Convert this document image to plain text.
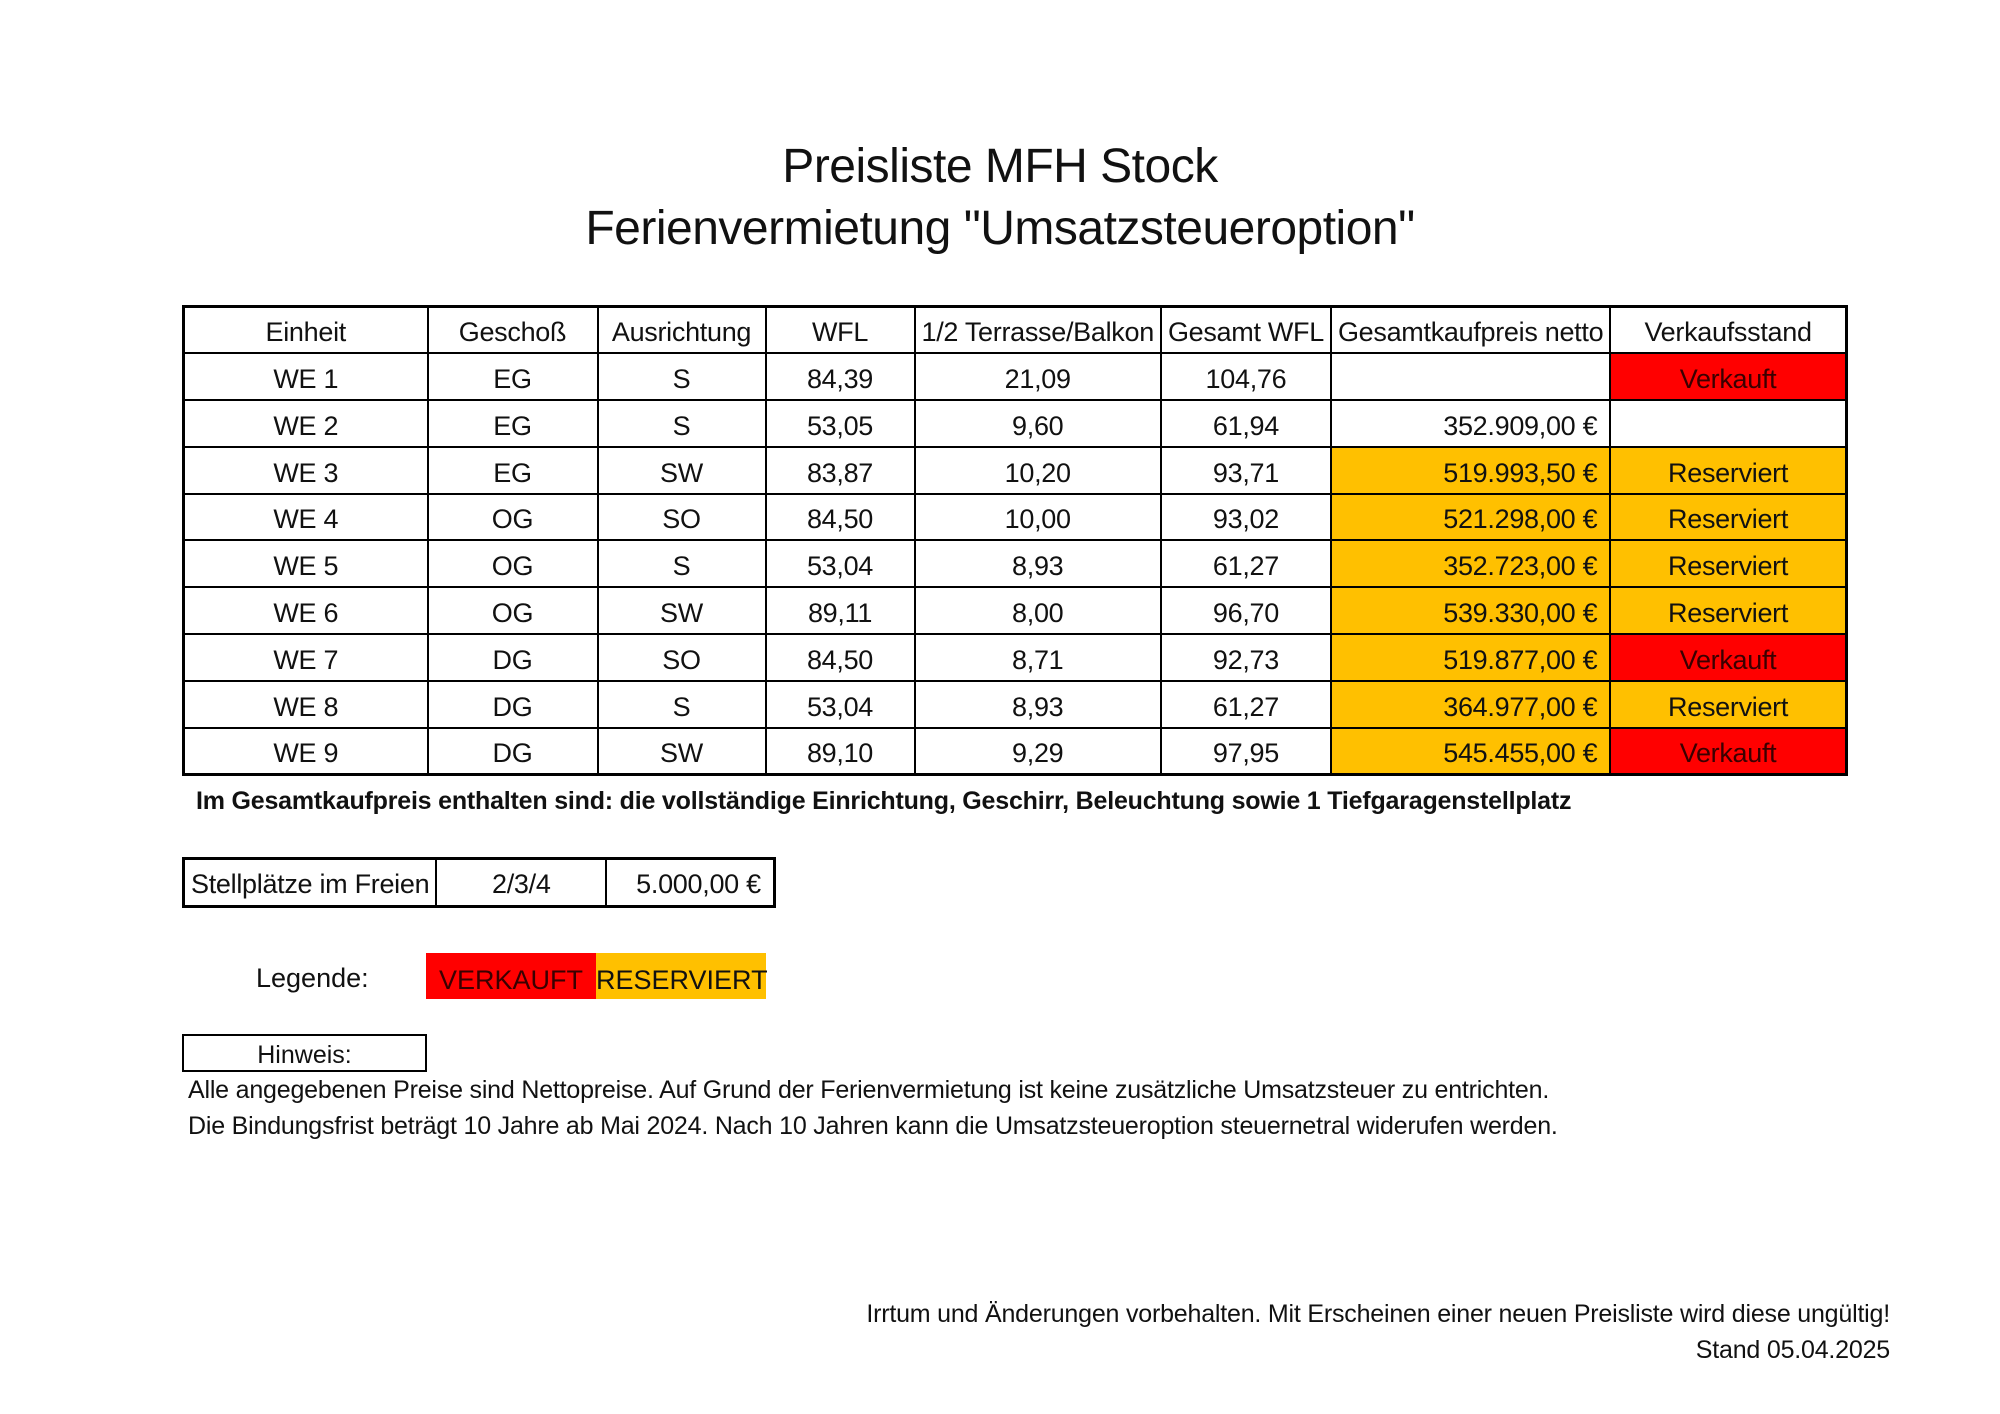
Preisliste MFH Stock
Ferienvermietung "Umsatzsteueroption"
Einheit	Geschoß	Ausrichtung	WFL	1/2 Terrasse/Balkon	Gesamt WFL	Gesamtkaufpreis netto	Verkaufsstand
WE 1	EG	S	84,39	21,09	104,76		Verkauft
WE 2	EG	S	53,05	9,60	61,94	352.909,00 €	
WE 3	EG	SW	83,87	10,20	93,71	519.993,50 €	Reserviert
WE 4	OG	SO	84,50	10,00	93,02	521.298,00 €	Reserviert
WE 5	OG	S	53,04	8,93	61,27	352.723,00 €	Reserviert
WE 6	OG	SW	89,11	8,00	96,70	539.330,00 €	Reserviert
WE 7	DG	SO	84,50	8,71	92,73	519.877,00 €	Verkauft
WE 8	DG	S	53,04	8,93	61,27	364.977,00 €	Reserviert
WE 9	DG	SW	89,10	9,29	97,95	545.455,00 €	Verkauft
Im Gesamtkaufpreis enthalten sind: die vollständige Einrichtung, Geschirr, Beleuchtung sowie 1 Tiefgaragenstellplatz
Stellplätze im Freien	2/3/4	5.000,00 €
Legende:	VERKAUFT RESERVIERT
Hinweis:
Alle angegebenen Preise sind Nettopreise. Auf Grund der Ferienvermietung ist keine zusätzliche Umsatzsteuer zu entrichten.
Die Bindungsfrist beträgt 10 Jahre ab Mai 2024. Nach 10 Jahren kann die Umsatzsteueroption steuernetral widerufen werden.
Irrtum und Änderungen vorbehalten. Mit Erscheinen einer neuen Preisliste wird diese ungültig!
Stand 05.04.2025
